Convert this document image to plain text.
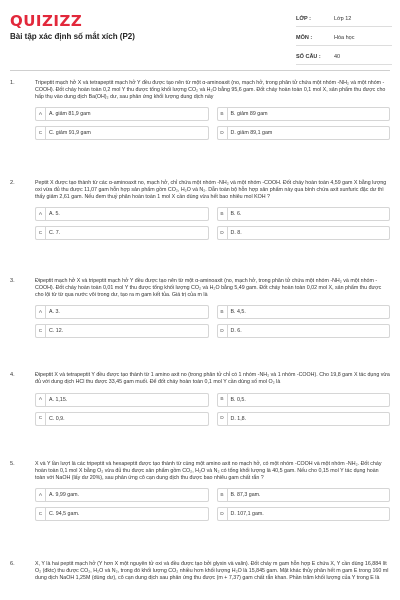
QUIZIZZ
Bài tập xác định số mắt xích (P2)
LỚP :	Lớp 12
MÔN :	Hóa học
SỐ CÂU :	40
1.	Tripeptit mạch hở X và tetrapeptit mạch hở Y đều được tạo nên từ một α-aminoaxit (no, mạch hở, trong phân tử chứa một nhóm -NH₂ và một nhóm -COOH). Đốt cháy hoàn toàn 0,2 mol Y thu được tổng khối lượng CO₂ và H₂O bằng 95,6 gam. Đốt cháy hoàn toàn 0,1 mol X, sản phẩm thu được cho hấp thụ vào dung dịch Ba(OH)₂ dư, sau phản ứng khối lượng dung dịch này
A	A. giảm 81,9 gam	B	B. giảm 89 gam
C	C. giảm 91,9 gam	D	D. giảm 89,1 gam
2.	Peptit X được tạo thành từ các α-aminoaxit no, mạch hở, chỉ chứa một nhóm -NH₂ và một nhóm -COOH. Đốt cháy hoàn toàn 4,59 gam X bằng lượng oxi vừa đủ thu được 11,07 gam hỗn hợp sản phẩm gồm CO₂, H₂O và N₂. Dẫn toàn bộ hỗn hợp sản phẩm này qua bình chứa axit sunfuric đặc dư thì thấy giảm 2,61 gam. Nếu đem thuỷ phân hoàn toàn 1 mol X cần dùng vừa hết bao nhiêu mol KOH ?
A	A. 5.	B	B. 6.
C	C. 7.	D	D. 8.
3.	Đipeptit mạch hở X và tripeptit mạch hở Y đều được tạo nên từ một α-aminoaxit (no, mạch hở, trong phân tử chứa một nhóm -NH₂ và một nhóm -COOH). Đốt cháy hoàn toàn 0,01 mol Y thu được tổng khối lượng CO₂ và H₂O bằng 5,49 gam. Đốt cháy hoàn toàn 0,02 mol X, sản phẩm thu được cho lội từ từ qua nước vôi trong dư, tạo ra m gam kết tủa. Giá trị của m là
A	A. 3.	B	B. 4,5.
C	C. 12.	D	D. 6.
4.	Đipeptit X và tetrapeptit Y đều được tạo thành từ 1 amino axit no (trong phân tử chỉ có 1 nhóm -NH₂ và 1 nhóm -COOH). Cho 19,8 gam X tác dụng vừa đủ với dung dịch HCl thu được 33,45 gam muối. Để đốt cháy hoàn toàn 0,1 mol Y cần dùng số mol O₂ là
A	A. 1,15.	B	B. 0,5.
C	C. 0,9.	D	D. 1,8.
5.	X và Y lần lượt là các tripeptit và hexapeptit được tạo thành từ cùng một amino axit no mạch hở, có một nhóm -COOH và một nhóm -NH₂. Đốt cháy hoàn toàn 0,1 mol X bằng O₂ vừa đủ thu được sản phẩm gồm CO₂, H₂O và N₂ có tổng khối lượng là 40,5 gam. Nếu cho 0,15 mol Y tác dụng hoàn toàn với NaOH (lấy dư 20%), sau phản ứng cô cạn dung dịch thu được bao nhiêu gam chất rắn ?
A	A. 9,99 gam.	B	B. 87,3 gam.
C	C. 94,5 gam.	D	D. 107,1 gam.
6.	X, Y là hai peptit mạch hở (Y hơn X một nguyên tử oxi và đều được tạo bởi glyxin và valin). Đốt cháy m gam hỗn hợp E chứa X, Y cần dùng 16,884 lít O₂ (đktc) thu được CO₂, H₂O và N₂, trong đó khối lượng CO₂ nhiều hơn khối lượng H₂O là 15,845 gam. Mặt khác thủy phân hết m gam E trong 160 ml dung dịch NaOH 1,25M (dùng dư), cô cạn dung dịch sau phản ứng thu được (m + 7,37) gam chất rắn khan. Phần trăm khối lượng của Y trong E là
